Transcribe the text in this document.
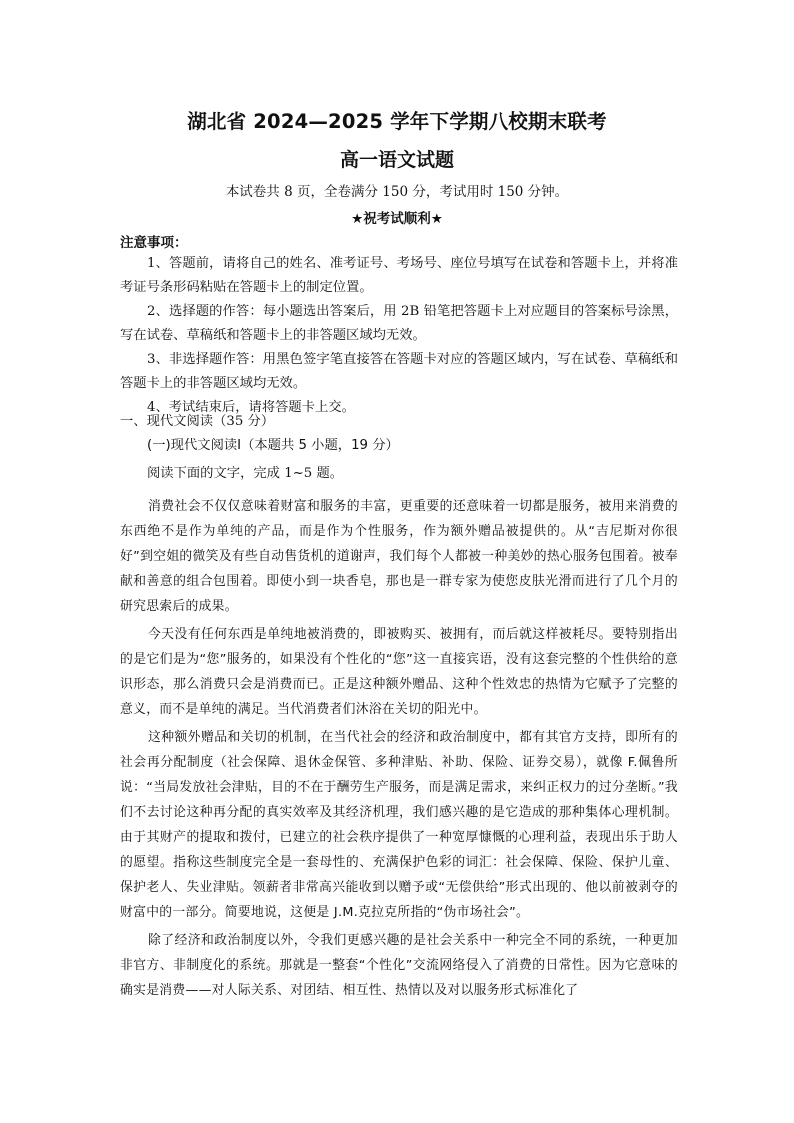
湖北省 2024—2025 学年下学期八校期末联考
高一语文试题
本试卷共 8 页，全卷满分 150 分，考试用时 150 分钟。
★祝考试顺利★
注意事项：

1、答题前，请将自己的姓名、准考证号、考场号、座位号填写在试卷和答题卡上，并将准考证号条形码粘贴在答题卡上的制定位置。

2、选择题的作答：每小题选出答案后，用 2B 铅笔把答题卡上对应题目的答案标号涂黑，写在试卷、草稿纸和答题卡上的非答题区域均无效。

3、非选择题作答：用黑色签字笔直接答在答题卡对应的答题区域内，写在试卷、草稿纸和答题卡上的非答题区域均无效。

4、考试结束后，请将答题卡上交。

一、现代文阅读（35 分）
(一)现代文阅读Ⅰ（本题共 5 小题，19 分）
阅读下面的文字，完成 1~5 题。

消费社会不仅仅意味着财富和服务的丰富，更重要的还意味着一切都是服务，被用来消费的东西绝不是作为单纯的产品，而是作为个性服务，作为额外赠品被提供的。从“吉尼斯对你很好”到空姐的微笑及有些自动售货机的道谢声，我们每个人都被一种美妙的热心服务包围着。被奉献和善意的组合包围着。即使小到一块香皂，那也是一群专家为使您皮肤光滑而进行了几个月的研究思索后的成果。

今天没有任何东西是单纯地被消费的，即被购买、被拥有，而后就这样被耗尽。要特别指出的是它们是为“您”服务的，如果没有个性化的“您”这一直接宾语，没有这套完整的个性供给的意识形态，那么消费只会是消费而已。正是这种额外赠品、这种个性效忠的热情为它赋予了完整的意义，而不是单纯的满足。当代消费者们沐浴在关切的阳光中。

这种额外赠品和关切的机制，在当代社会的经济和政治制度中，都有其官方支持，即所有的社会再分配制度（社会保障、退休金保管、多种津贴、补助、保险、证券交易），就像 F.佩鲁所说：“当局发放社会津贴，目的不在于酬劳生产服务，而是满足需求，来纠正权力的过分垄断。”我们不去讨论这种再分配的真实效率及其经济机理，我们感兴趣的是它造成的那种集体心理机制。由于其财产的提取和拨付，已建立的社会秩序提供了一种宽厚慷慨的心理利益，表现出乐于助人的愿望。指称这些制度完全是一套母性的、充满保护色彩的词汇：社会保障、保险、保护儿童、保护老人、失业津贴。领薪者非常高兴能收到以赠予或“无偿供给”形式出现的、他以前被剥夺的财富中的一部分。简要地说，这便是 J.M.克拉克所指的“伪市场社会”。

除了经济和政治制度以外，令我们更感兴趣的是社会关系中一种完全不同的系统，一种更加非官方、非制度化的系统。那就是一整套“个性化”交流网络侵入了消费的日常性。因为它意味的确实是消费——对人际关系、对团结、相互性、热情以及对以服务形式标准化了
